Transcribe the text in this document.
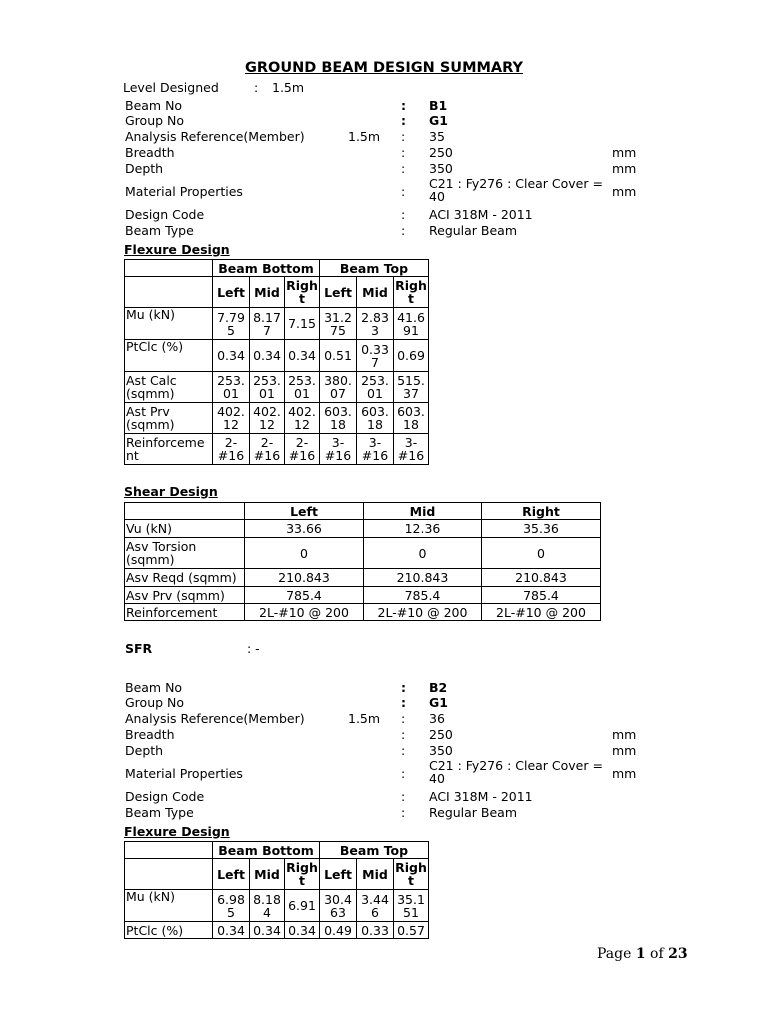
GROUND BEAM DESIGN SUMMARY
Level Designed	: 1.5m
Beam No	: B1
Group No	: G1
Analysis Reference(Member)	1.5m : 35
Breadth	: 250	mm
Depth	: 350	mm
Material Properties	:
C21 : Fy276 : Clear Cover =
40	mm
Design Code	: ACI 318M - 2011
Beam Type	: Regular Beam
Flexure Design
	Beam Bottom			Beam Top		
	Left	Mid	Righ t	Left	Mid	Righ t
Mu (kN)	7.79 5	8.17 7	7.15	31.2 75	2.83 3	41.6 91
PtClc (%)	0.34	0.34	0.34	0.51	0.33 7	0.69
Ast Calc (sqmm)	253. 01	253. 01	253. 01	380. 07	253. 01	515. 37
Ast Prv (sqmm)	402. 12	402. 12	402. 12	603. 18	603. 18	603. 18
Reinforceme nt	2- #16	2- #16	2- #16	3- #16	3- #16	3- #16
Shear Design
	Left	Mid	Right
Vu (kN)	33.66	12.36	35.36
Asv Torsion (sqmm)	0	0	0
Asv Reqd (sqmm)	210.843	210.843	210.843
Asv Prv (sqmm)	785.4	785.4	785.4
Reinforcement	2L-#10 @ 200	2L-#10 @ 200	2L-#10 @ 200
SFR	: -
Beam No	: B2
Group No	: G1
Analysis Reference(Member)	1.5m : 36
Breadth	: 250	mm
Depth	: 350	mm
Material Properties	:
C21 : Fy276 : Clear Cover =
40	mm
Design Code	: ACI 318M - 2011
Beam Type	: Regular Beam
Flexure Design
	Beam Bottom			Beam Top		
	Left	Mid	Righ t	Left	Mid	Righ t
Mu (kN)	6.98 5	8.18 4	6.91	30.4 63	3.44 6	35.1 51
PtClc (%)	0.34	0.34	0.34	0.49	0.33	0.57
Page 1 of 23
